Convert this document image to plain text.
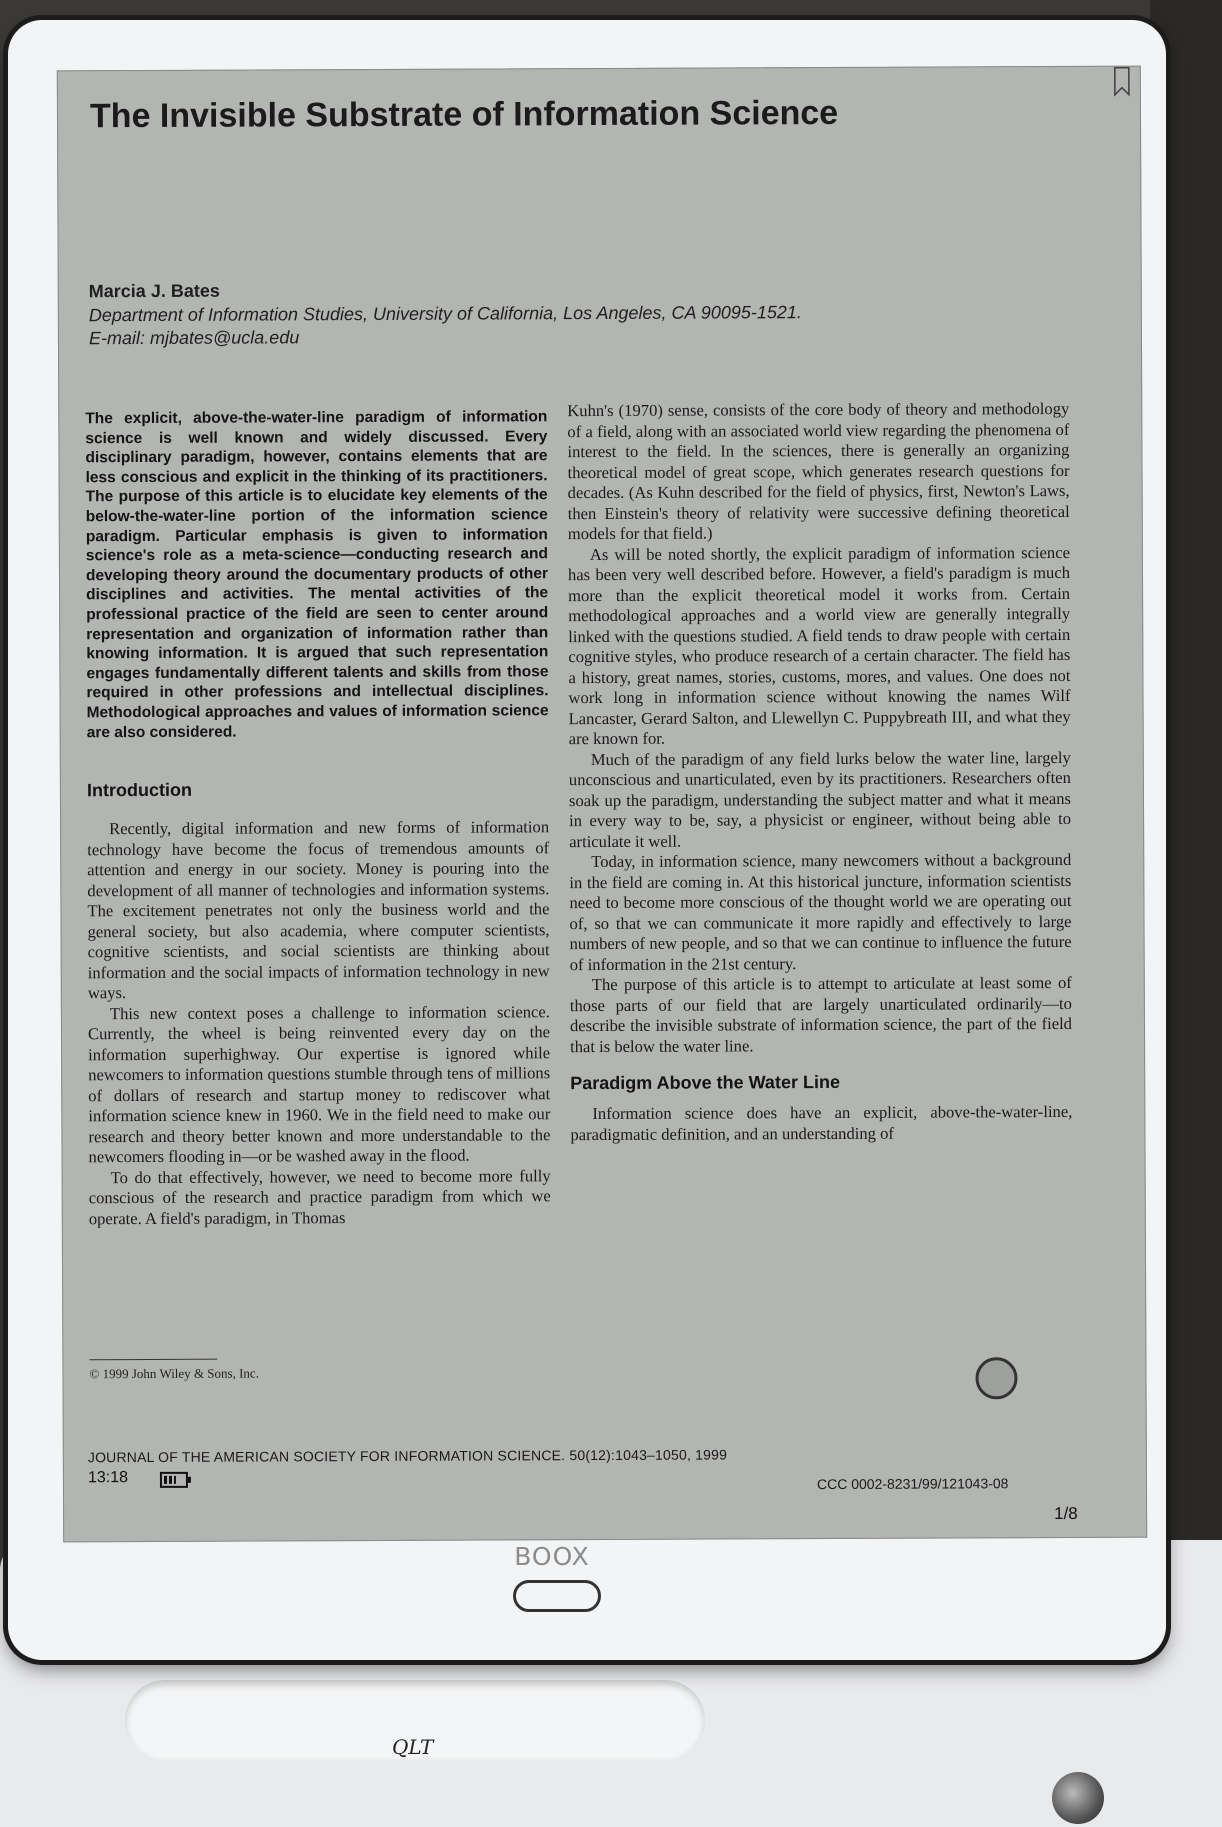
QLT
BOOX
The Invisible Substrate of Information Science
Marcia J. Bates
Department of Information Studies, University of California, Los Angeles, CA 90095-1521.
E-mail: mjbates@ucla.edu

The explicit, above-the-water-line paradigm of information science is well known and widely discussed. Every disciplinary paradigm, however, contains elements that are less conscious and explicit in the thinking of its practitioners. The purpose of this article is to elucidate key elements of the below-the-water-line portion of the information science paradigm. Particular emphasis is given to information science's role as a meta-science—conducting research and developing theory around the documentary products of other disciplines and activities. The mental activities of the professional practice of the field are seen to center around representation and organization of information rather than knowing information. It is argued that such representation engages fundamentally different talents and skills from those required in other professions and intellectual disciplines. Methodological approaches and values of information science are also considered.

Introduction

Recently, digital information and new forms of information technology have become the focus of tremendous amounts of attention and energy in our society. Money is pouring into the development of all manner of technologies and information systems. The excitement penetrates not only the business world and the general society, but also academia, where computer scientists, cognitive scientists, and social scientists are thinking about information and the social impacts of information technology in new ways.

This new context poses a challenge to information science. Currently, the wheel is being reinvented every day on the information superhighway. Our expertise is ignored while newcomers to information questions stumble through tens of millions of dollars of research and startup money to rediscover what information science knew in 1960. We in the field need to make our research and theory better known and more understandable to the newcomers flooding in—or be washed away in the flood.

To do that effectively, however, we need to become more fully conscious of the research and practice paradigm from which we operate. A field's paradigm, in Thomas

Kuhn's (1970) sense, consists of the core body of theory and methodology of a field, along with an associated world view regarding the phenomena of interest to the field. In the sciences, there is generally an organizing theoretical model of great scope, which generates research questions for decades. (As Kuhn described for the field of physics, first, Newton's Laws, then Einstein's theory of relativity were successive defining theoretical models for that field.)

As will be noted shortly, the explicit paradigm of information science has been very well described before. However, a field's paradigm is much more than the explicit theoretical model it works from. Certain methodological approaches and a world view are generally integrally linked with the questions studied. A field tends to draw people with certain cognitive styles, who produce research of a certain character. The field has a history, great names, stories, customs, mores, and values. One does not work long in information science without knowing the names Wilf Lancaster, Gerard Salton, and Llewellyn C. Puppybreath III, and what they are known for.

Much of the paradigm of any field lurks below the water line, largely unconscious and unarticulated, even by its practitioners. Researchers often soak up the paradigm, understanding the subject matter and what it means in every way to be, say, a physicist or engineer, without being able to articulate it well.

Today, in information science, many newcomers without a background in the field are coming in. At this historical juncture, information scientists need to become more conscious of the thought world we are operating out of, so that we can communicate it more rapidly and effectively to large numbers of new people, and so that we can continue to influence the future of information in the 21st century.

The purpose of this article is to attempt to articulate at least some of those parts of our field that are largely unarticulated ordinarily—to describe the invisible substrate of information science, the part of the field that is below the water line.

Paradigm Above the Water Line

Information science does have an explicit, above-the-water-line, paradigmatic definition, and an understanding of

© 1999 John Wiley & Sons, Inc.
JOURNAL OF THE AMERICAN SOCIETY FOR INFORMATION SCIENCE. 50(12):1043–1050, 1999
CCC 0002-8231/99/121043-08
13:18
1/8
